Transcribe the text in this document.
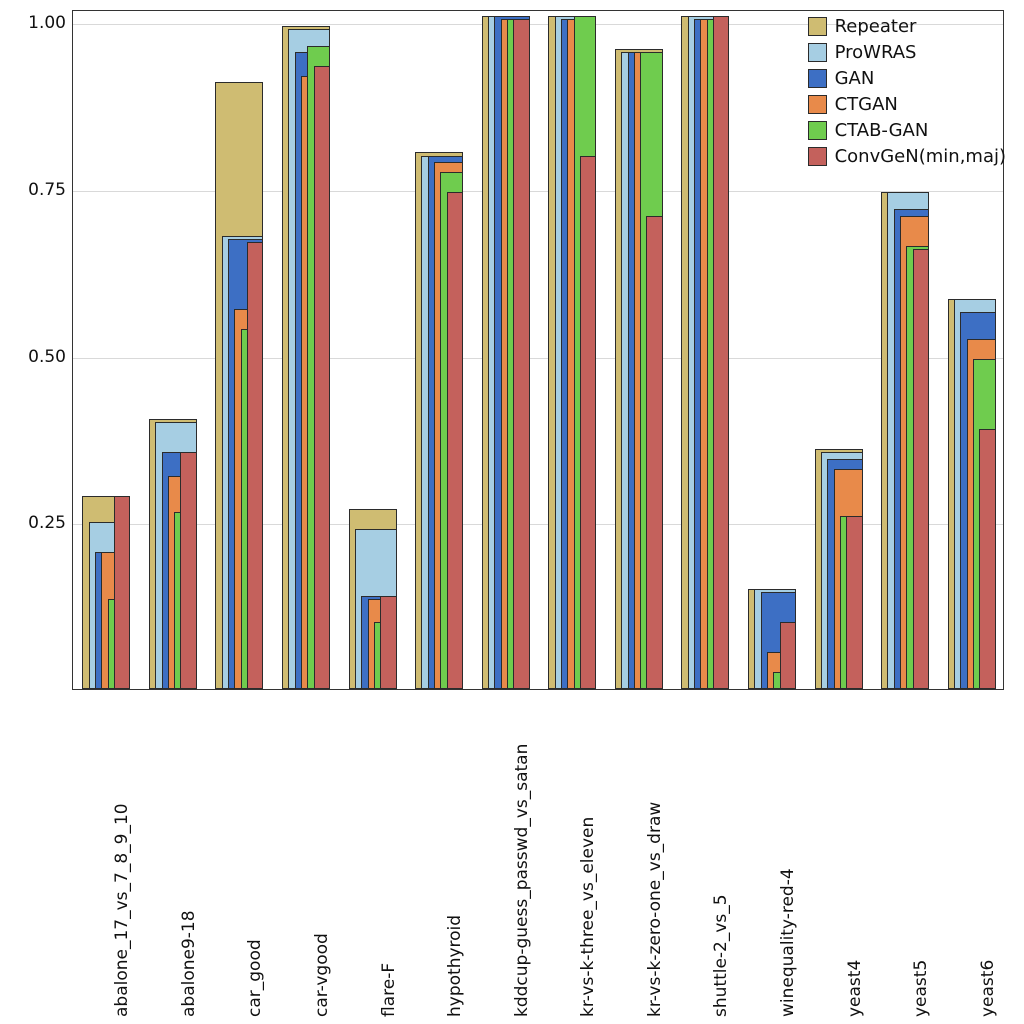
0.25
0.50
0.75
1.00	Repeater
ProWRAS
GAN
CTGAN
CTAB-GAN
ConvGeN(min,maj)
abalone_17_vs_7_8_9_10	abalone9-18	car_good	car-vgood	flare-F	hypothyroid	kddcup-guess_passwd_vs_satan	kr-vs-k-three_vs_eleven	kr-vs-k-zero-one_vs_draw	shuttle-2_vs_5	winequality-red-4	yeast4	yeast5	yeast6
